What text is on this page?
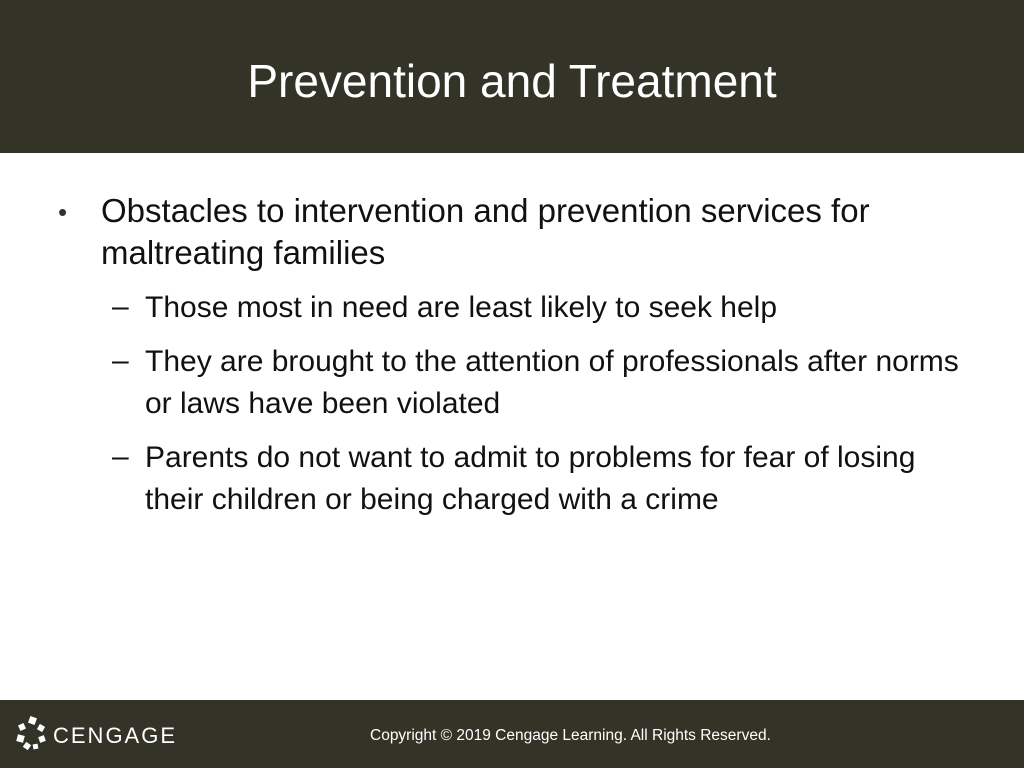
Prevention and Treatment
• Obstacles to intervention and prevention services for maltreating families
– Those most in need are least likely to seek help
– They are brought to the attention of professionals after norms or laws have been violated
– Parents do not want to admit to problems for fear of losing their children or being charged with a crime
CENGAGE	Copyright © 2019 Cengage Learning. All Rights Reserved.
